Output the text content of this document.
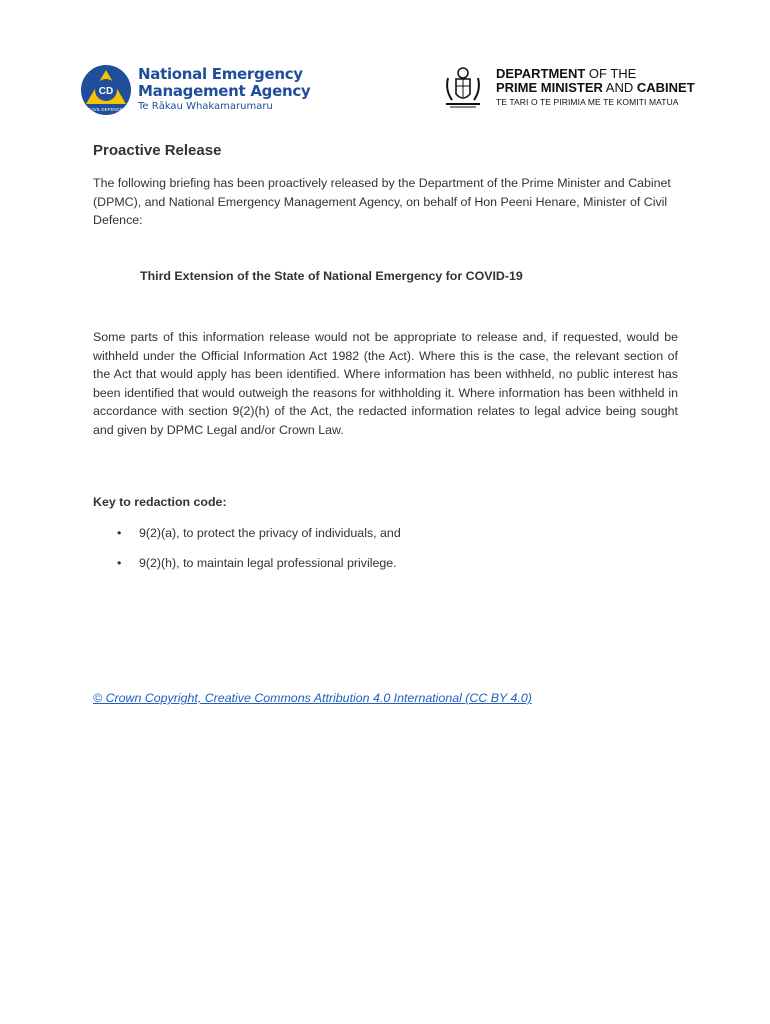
CD
CIVIL DEFENCE
National Emergency
Management Agency
Te Rākau Whakamarumaru
DEPARTMENT OF THE
PRIME MINISTER AND CABINET
TE TARI O TE PIRIMIA ME TE KOMITI MATUA
Proactive Release

The following briefing has been proactively released by the Department of the Prime Minister and Cabinet (DPMC), and National Emergency Management Agency, on behalf of Hon Peeni Henare, Minister of Civil Defence:

Third Extension of the State of National Emergency for COVID-19

Some parts of this information release would not be appropriate to release and, if requested, would be withheld under the Official Information Act 1982 (the Act). Where this is the case, the relevant section of the Act that would apply has been identified. Where information has been withheld, no public interest has been identified that would outweigh the reasons for withholding it. Where information has been withheld in accordance with section 9(2)(h) of the Act, the redacted information relates to legal advice being sought and given by DPMC Legal and/or Crown Law.

Key to redaction code:
• 9(2)(a), to protect the privacy of individuals, and
• 9(2)(h), to maintain legal professional privilege.
© Crown Copyright, Creative Commons Attribution 4.0 International (CC BY 4.0)
